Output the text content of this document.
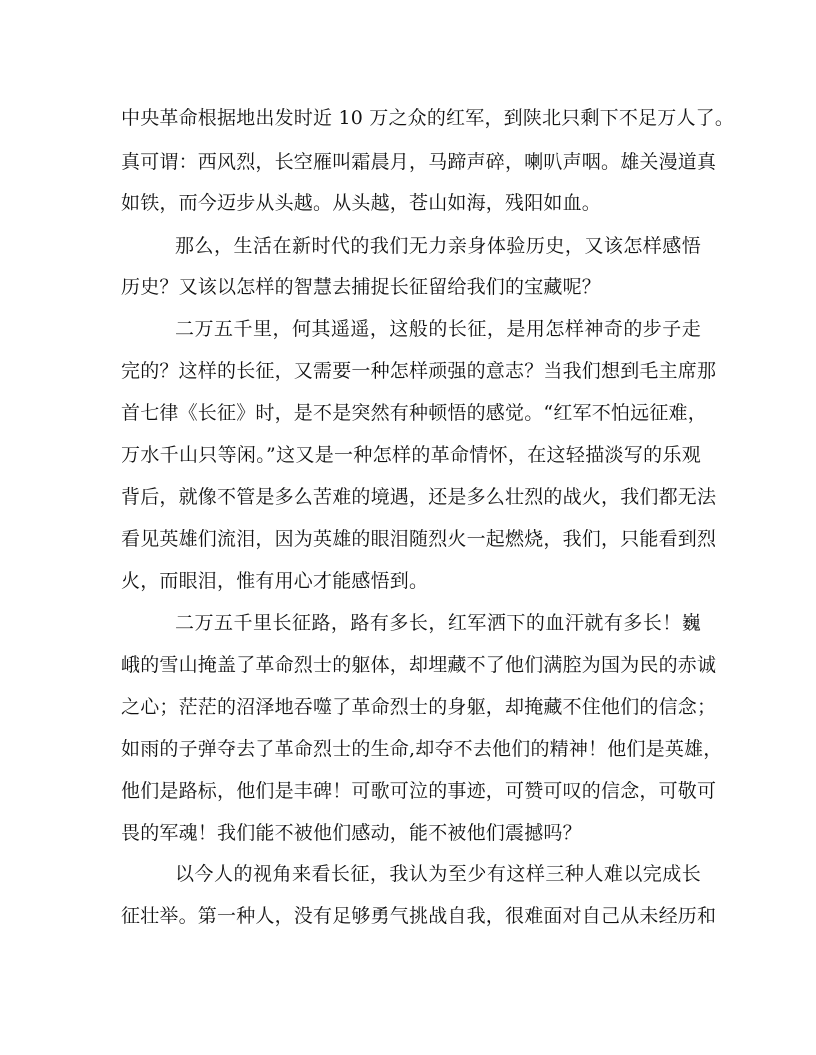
中央革命根据地出发时近 10 万之众的红军，到陕北只剩下不足万人了。
真可谓：西风烈，长空雁叫霜晨月，马蹄声碎，喇叭声咽。雄关漫道真
如铁，而今迈步从头越。从头越，苍山如海，残阳如血。
那么，生活在新时代的我们无力亲身体验历史，又该怎样感悟
历史？又该以怎样的智慧去捕捉长征留给我们的宝藏呢？
二万五千里，何其遥遥，这般的长征，是用怎样神奇的步子走
完的？这样的长征，又需要一种怎样顽强的意志？当我们想到毛主席那
首七律《长征》时，是不是突然有种顿悟的感觉。“红军不怕远征难，
万水千山只等闲。”这又是一种怎样的革命情怀，在这轻描淡写的乐观
背后，就像不管是多么苦难的境遇，还是多么壮烈的战火，我们都无法
看见英雄们流泪，因为英雄的眼泪随烈火一起燃烧，我们，只能看到烈
火，而眼泪，惟有用心才能感悟到。
二万五千里长征路，路有多长，红军洒下的血汗就有多长！巍
峨的雪山掩盖了革命烈士的躯体，却埋藏不了他们满腔为国为民的赤诚
之心；茫茫的沼泽地吞噬了革命烈士的身躯，却掩藏不住他们的信念；
如雨的子弹夺去了革命烈士的生命,却夺不去他们的精神！他们是英雄，
他们是路标，他们是丰碑！可歌可泣的事迹，可赞可叹的信念，可敬可
畏的军魂！我们能不被他们感动，能不被他们震撼吗？
以今人的视角来看长征，我认为至少有这样三种人难以完成长
征壮举。第一种人，没有足够勇气挑战自我，很难面对自己从未经历和
